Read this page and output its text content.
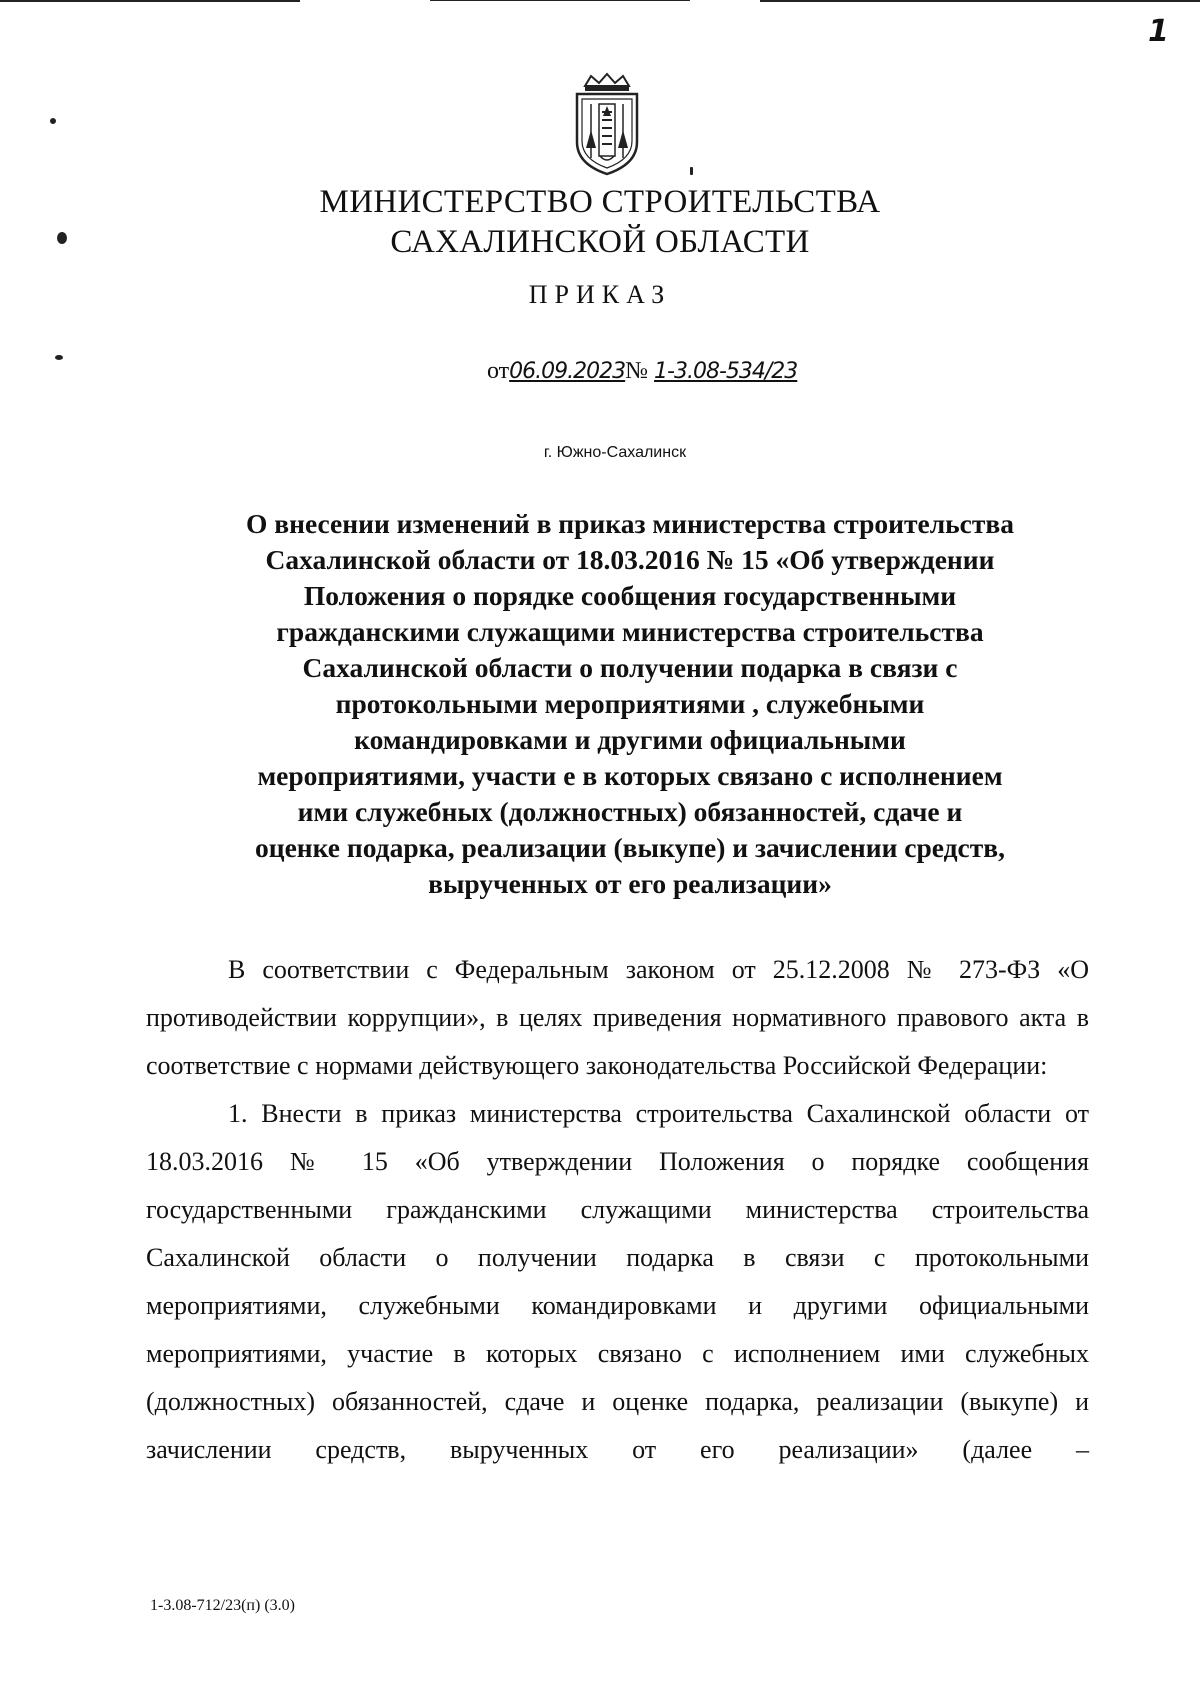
1
МИНИСТЕРСТВО СТРОИТЕЛЬСТВА САХАЛИНСКОЙ ОБЛАСТИ
ПРИКАЗ
от06.09.2023№ 1-3.08-534/23
г. Южно-Сахалинск
О внесении изменений в приказ министерства строительства
Сахалинской области от 18.03.2016 № 15 «Об утверждении
Положения о порядке сообщения государственными
гражданскими служащими министерства строительства
Сахалинской области о получении подарка в связи с
протокольными мероприятиями , служебными
командировками и другими официальными
мероприятиями, участи е в которых связано с исполнением
ими служебных (должностных) обязанностей, сдаче и
оценке подарка, реализации (выкупе) и зачислении средств,
вырученных от его реализации»

В соответствии с Федеральным законом от 25.12.2008 № 273-ФЗ «О противодействии коррупции», в целях приведения нормативного правового акта в соответствие с нормами действующего законодательства Российской Федерации:

1. Внести в приказ министерства строительства Сахалинской области от 18.03.2016 № 15 «Об утверждении Положения о порядке сообщения государственными гражданскими служащими министерства строительства Сахалинской области о получении подарка в связи с протокольными мероприятиями, служебными командировками и другими официальными мероприятиями, участие в которых связано с исполнением ими служебных (должностных) обязанностей, сдаче и оценке подарка, реализации (выкупе) и зачислении средств, вырученных от его реализации» (далее –

1-3.08-712/23(п) (3.0)
